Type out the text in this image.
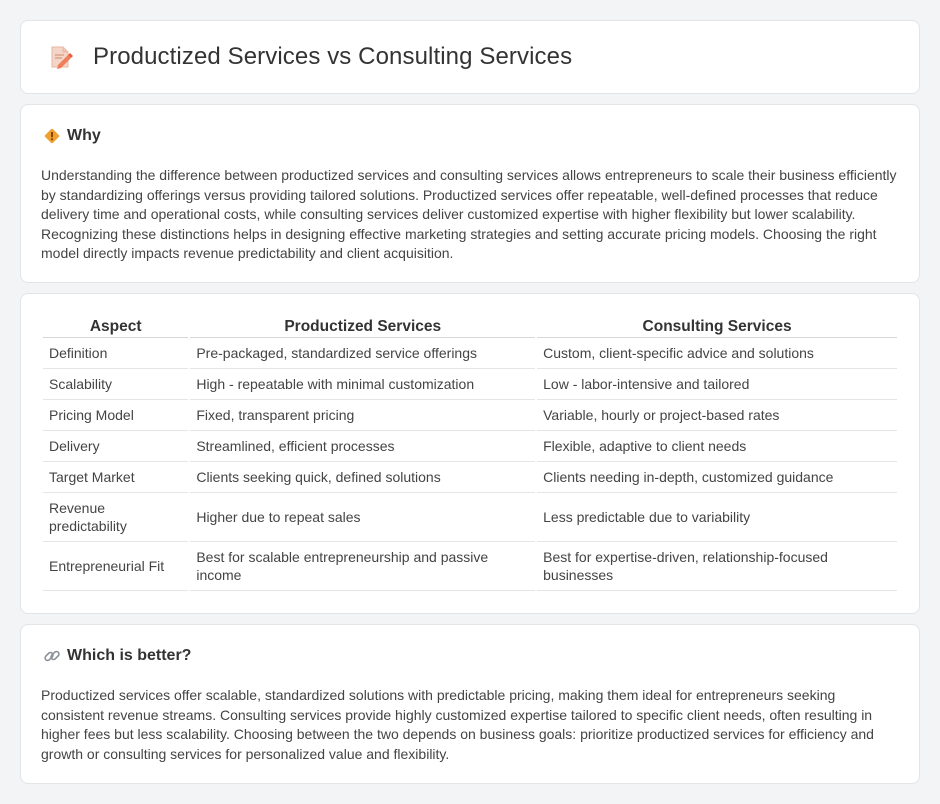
Productized Services vs Consulting Services
Why

Understanding the difference between productized services and consulting services allows entrepreneurs to scale their business efficiently by standardizing offerings versus providing tailored solutions. Productized services offer repeatable, well-defined processes that reduce delivery time and operational costs, while consulting services deliver customized expertise with higher flexibility but lower scalability. Recognizing these distinctions helps in designing effective marketing strategies and setting accurate pricing models. Choosing the right model directly impacts revenue predictability and client acquisition.

Aspect	Productized Services	Consulting Services
Definition	Pre-packaged, standardized service offerings	Custom, client-specific advice and solutions
Scalability	High - repeatable with minimal customization	Low - labor-intensive and tailored
Pricing Model	Fixed, transparent pricing	Variable, hourly or project-based rates
Delivery	Streamlined, efficient processes	Flexible, adaptive to client needs
Target Market	Clients seeking quick, defined solutions	Clients needing in-depth, customized guidance
Revenue predictability	Higher due to repeat sales	Less predictable due to variability
Entrepreneurial Fit	Best for scalable entrepreneurship and passive income	Best for expertise-driven, relationship-focused businesses
Which is better?

Productized services offer scalable, standardized solutions with predictable pricing, making them ideal for entrepreneurs seeking consistent revenue streams. Consulting services provide highly customized expertise tailored to specific client needs, often resulting in higher fees but less scalability. Choosing between the two depends on business goals: prioritize productized services for efficiency and growth or consulting services for personalized value and flexibility.
